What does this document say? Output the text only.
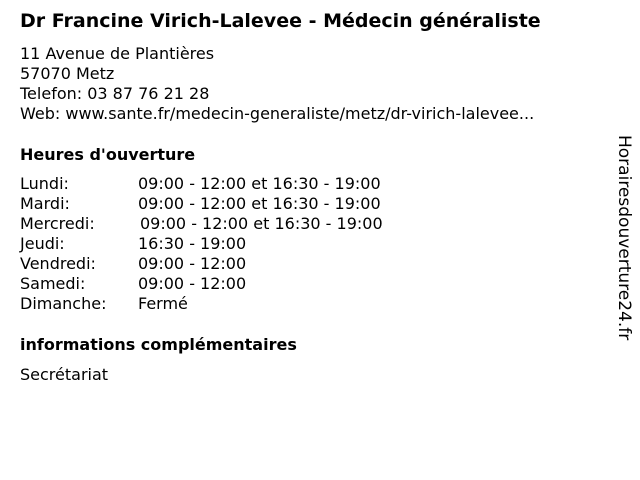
Dr Francine Virich-Lalevee - Médecin généraliste
11 Avenue de Plantières
57070 Metz
Telefon: 03 87 76 21 28
Web: www.sante.fr/medecin-generaliste/metz/dr-virich-lalevee...
Heures d'ouverture
Lundi:	09:00 - 12:00 et 16:30 - 19:00
Mardi:	09:00 - 12:00 et 16:30 - 19:00
Mercredi:	09:00 - 12:00 et 16:30 - 19:00
Jeudi:	16:30 - 19:00
Vendredi:	09:00 - 12:00
Samedi:	09:00 - 12:00
Dimanche: Fermé
informations complémentaires
Secrétariat
Horairesdouverture24.fr
